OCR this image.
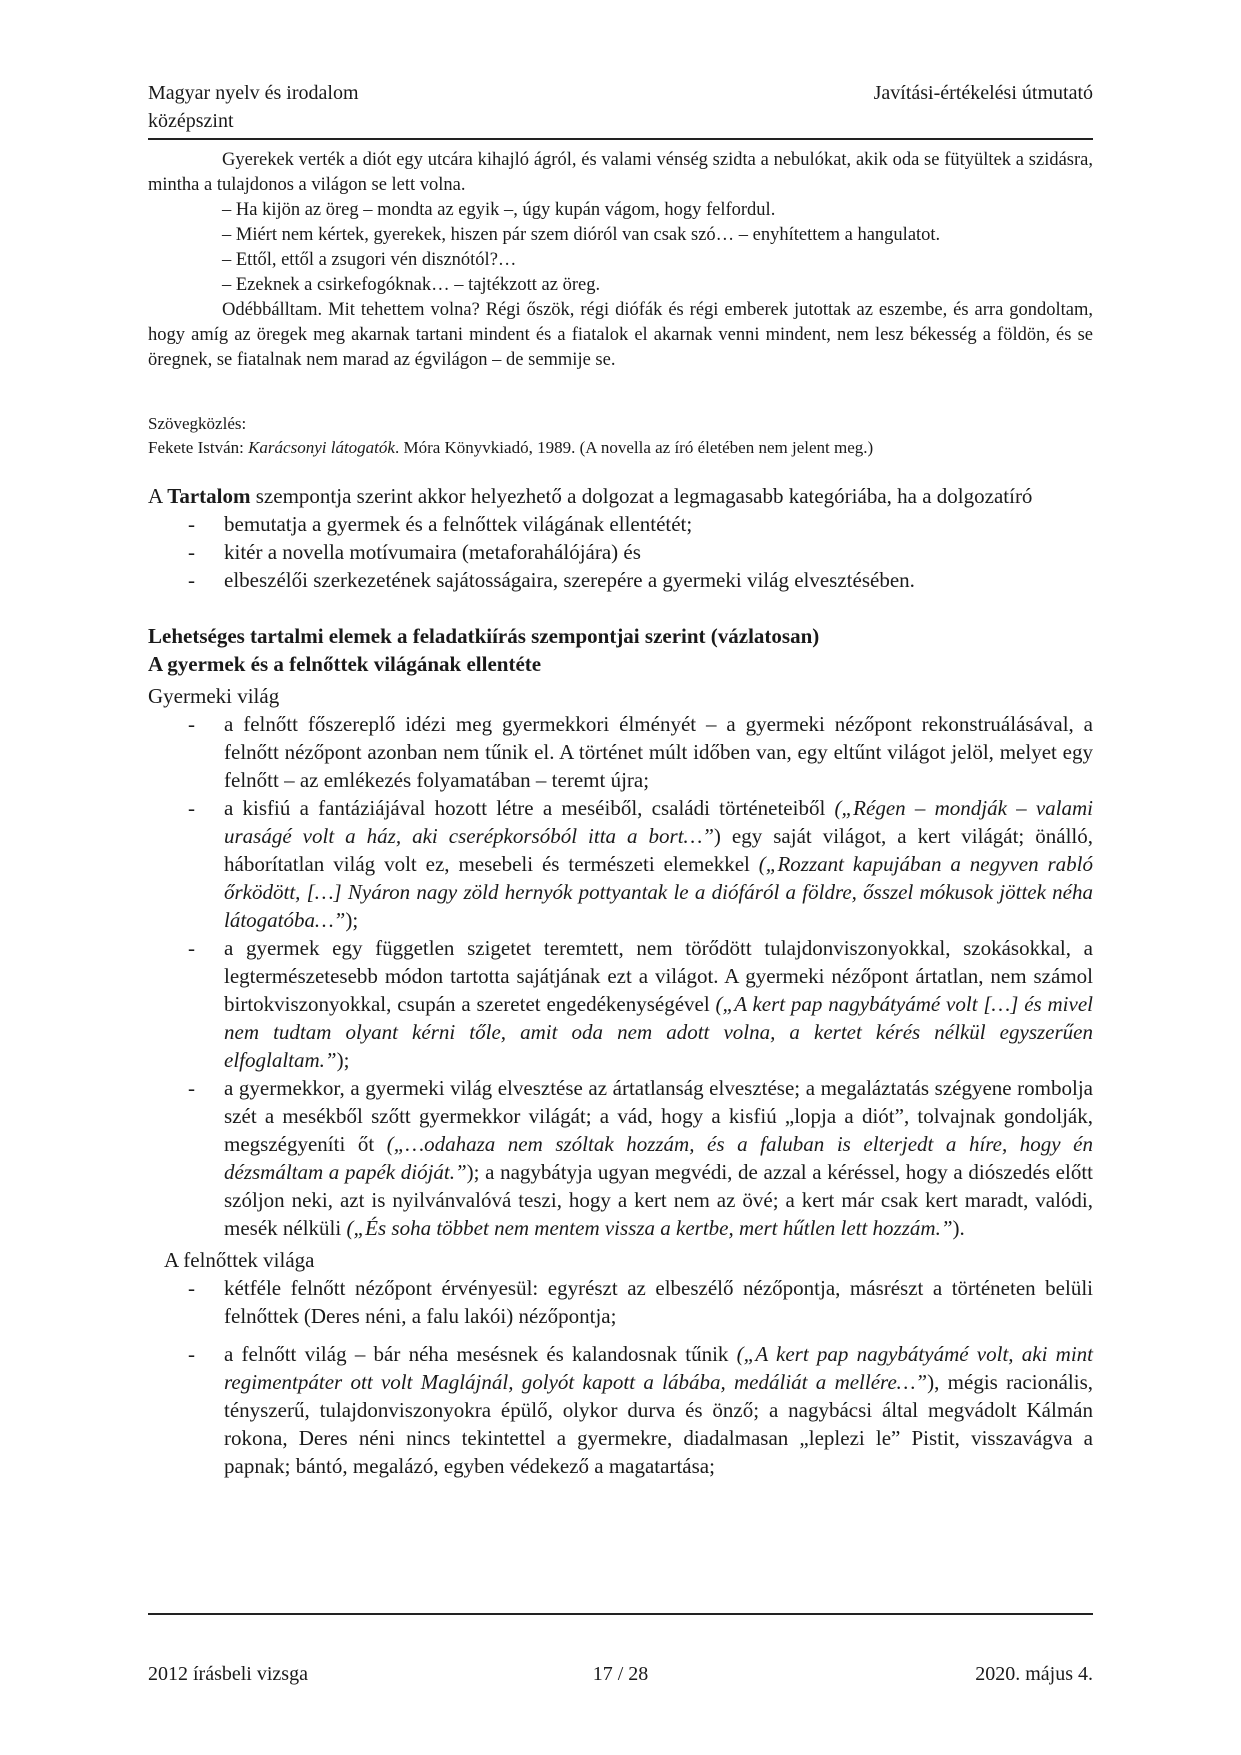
Magyar nyelv és irodalom
középszint
Javítási-értékelési útmutató

Gyerekek verték a diót egy utcára kihajló ágról, és valami vénség szidta a nebulókat, akik oda se fütyültek a szidásra, mintha a tulajdonos a világon se lett volna.

– Ha kijön az öreg – mondta az egyik –, úgy kupán vágom, hogy felfordul.

– Miért nem kértek, gyerekek, hiszen pár szem dióról van csak szó… – enyhítettem a hangulatot.

– Ettől, ettől a zsugori vén disznótól?…

– Ezeknek a csirkefogóknak… – tajtékzott az öreg.

Odébbálltam. Mit tehettem volna? Régi őszök, régi diófák és régi emberek jutottak az eszembe, és arra gondoltam, hogy amíg az öregek meg akarnak tartani mindent és a fiatalok el akarnak venni mindent, nem lesz békesség a földön, és se öregnek, se fiatalnak nem marad az égvilágon – de semmije se.

Szövegközlés:

Fekete István: Karácsonyi látogatók. Móra Könyvkiadó, 1989. (A novella az író életében nem jelent meg.)

A Tartalom szempontja szerint akkor helyezhető a dolgozat a legmagasabb kategóriába, ha a dolgozatíró

- bemutatja a gyermek és a felnőttek világának ellentétét;
- kitér a novella motívumaira (metaforahálójára) és
- elbeszélői szerkezetének sajátosságaira, szerepére a gyermeki világ elvesztésében.

Lehetséges tartalmi elemek a feladatkiírás szempontjai szerint (vázlatosan)

A gyermek és a felnőttek világának ellentéte

Gyermeki világ

- a felnőtt főszereplő idézi meg gyermekkori élményét – a gyermeki nézőpont rekonstruálásával, a felnőtt nézőpont azonban nem tűnik el. A történet múlt időben van, egy eltűnt világot jelöl, melyet egy felnőtt – az emlékezés folyamatában – teremt újra;
- a kisfiú a fantáziájával hozott létre a meséiből, családi történeteiből („Régen – mondják – valami uraságé volt a ház, aki cserépkorsóból itta a bort…”) egy saját világot, a kert világát; önálló, háborítatlan világ volt ez, mesebeli és természeti elemekkel („Rozzant kapujában a negyven rabló őrködött, […] Nyáron nagy zöld hernyók pottyantak le a diófáról a földre, ősszel mókusok jöttek néha látogatóba…”);
- a gyermek egy független szigetet teremtett, nem törődött tulajdonviszonyokkal, szokásokkal, a legtermészetesebb módon tartotta sajátjának ezt a világot. A gyermeki nézőpont ártatlan, nem számol birtokviszonyokkal, csupán a szeretet engedékenységével („A kert pap nagybátyámé volt […] és mivel nem tudtam olyant kérni tőle, amit oda nem adott volna, a kertet kérés nélkül egyszerűen elfoglaltam.”);
- a gyermekkor, a gyermeki világ elvesztése az ártatlanság elvesztése; a megaláztatás szégyene rombolja szét a mesékből szőtt gyermekkor világát; a vád, hogy a kisfiú „lopja a diót”, tolvajnak gondolják, megszégyeníti őt („…odahaza nem szóltak hozzám, és a faluban is elterjedt a híre, hogy én dézsmáltam a papék dióját.”); a nagybátyja ugyan megvédi, de azzal a kéréssel, hogy a diószedés előtt szóljon neki, azt is nyilvánvalóvá teszi, hogy a kert nem az övé; a kert már csak kert maradt, valódi, mesék nélküli („És soha többet nem mentem vissza a kertbe, mert hűtlen lett hozzám.”).

A felnőttek világa

- kétféle felnőtt nézőpont érvényesül: egyrészt az elbeszélő nézőpontja, másrészt a történeten belüli felnőttek (Deres néni, a falu lakói) nézőpontja;
- a felnőtt világ – bár néha mesésnek és kalandosnak tűnik („A kert pap nagybátyámé volt, aki mint regimentpáter ott volt Maglájnál, golyót kapott a lábába, medáliát a mellére…”), mégis racionális, tényszerű, tulajdonviszonyokra épülő, olykor durva és önző; a nagybácsi által megvádolt Kálmán rokona, Deres néni nincs tekintettel a gyermekre, diadalmasan „leplezi le” Pistit, visszavágva a papnak; bántó, megalázó, egyben védekező a magatartása;
2012 írásbeli vizsga	17 / 28	2020. május 4.
